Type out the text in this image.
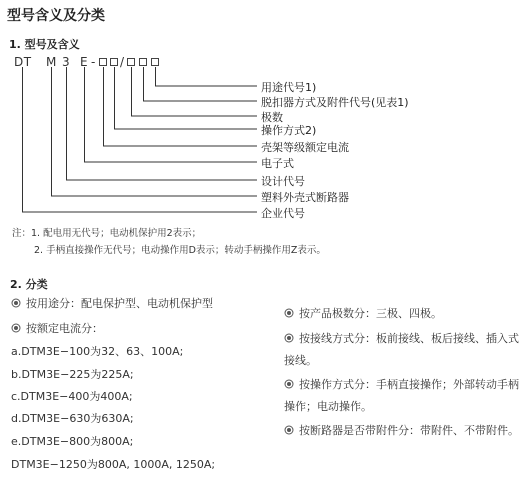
型号含义及分类
1. 型号及含义
DT M 3 E - /
用途代号1)
脱扣器方式及附件代号(见表1)
极数
操作方式2)
壳架等级额定电流
电子式
设计代号
塑料外壳式断路器
企业代号
注：1. 配电用无代号；电动机保护用2表示；
2. 手柄直接操作无代号；电动操作用D表示；转动手柄操作用Z表示。
2. 分类
按用途分：配电保护型、电动机保护型
按额定电流分：
a.DTM3E−100为32、63、100A;
b.DTM3E−225为225A;
c.DTM3E−400为400A;
d.DTM3E−630为630A;
e.DTM3E−800为800A;
DTM3E−1250为800A, 1000A, 1250A;
按产品极数分：三极、四极。
按接线方式分：板前接线、板后接线、插入式
接线。
按操作方式分：手柄直接操作；外部转动手柄
操作；电动操作。
按断路器是否带附件分：带附件、不带附件。
